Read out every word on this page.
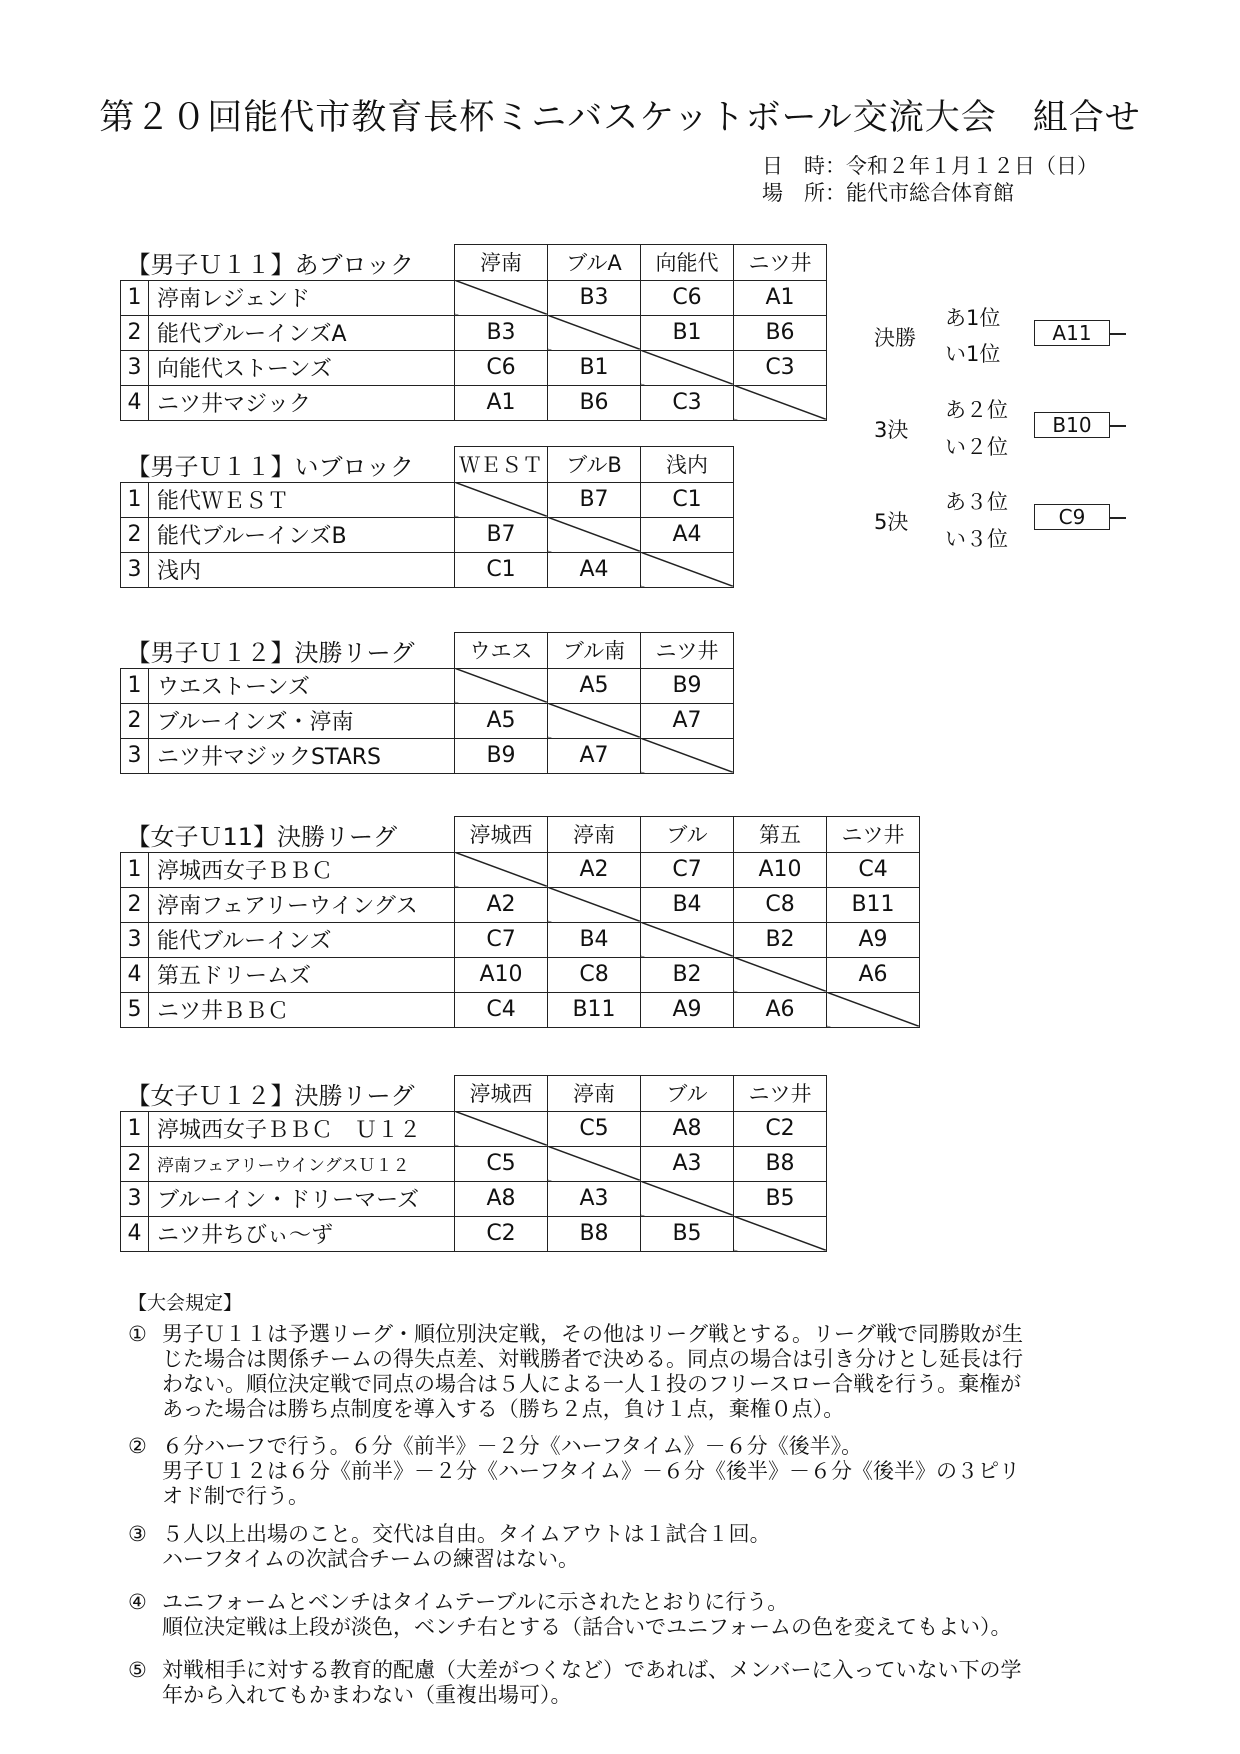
第２０回能代市教育長杯ミニバスケットボール交流大会　組合せ
日　時：令和２年１月１２日（日）
場　所：能代市総合体育館
【男子Ｕ１１】あブロック		渟南	ブルA	向能代	ニツ井
1	渟南レジェンド		B3	C6	A1
2	能代ブルーインズA	B3		B1	B6
3	向能代ストーンズ	C6	B1		C3
4	ニツ井マジック	A1	B6	C3	
【男子Ｕ１１】いブロック		ＷＥＳＴ	ブルB	浅内
1	能代ＷＥＳＴ		B7	C1
2	能代ブルーインズB	B7		A4
3	浅内	C1	A4	
【男子Ｕ１２】決勝リーグ		ウエス	ブル南	ニツ井
1	ウエストーンズ		A5	B9
2	ブルーインズ・渟南	A5		A7
3	ニツ井マジックSTARS	B9	A7	
【女子Ｕ11】決勝リーグ		渟城西	渟南	ブル	第五	ニツ井
1	渟城西女子ＢＢＣ		A2	C7	A10	C4
2	渟南フェアリーウイングス	A2		B4	C8	B11
3	能代ブルーインズ	C7	B4		B2	A9
4	第五ドリームズ	A10	C8	B2		A6
5	ニツ井ＢＢＣ	C4	B11	A9	A6	
【女子Ｕ１２】決勝リーグ		渟城西	渟南	ブル	ニツ井
1	渟城西女子ＢＢＣ　Ｕ１２		C5	A8	C2
2	渟南フェアリーウイングスＵ１２	C5		A3	B8
3	ブルーイン・ドリーマーズ	A8	A3		B5
4	ニツ井ちびぃ～ず	C2	B8	B5	
決勝
あ1位
い1位
A11
3決
あ２位
い２位
B10
5決
あ３位
い３位
C9
【大会規定】
① 男子Ｕ１１は予選リーグ・順位別決定戦，その他はリーグ戦とする。リーグ戦で同勝敗が生
じた場合は関係チームの得失点差、対戦勝者で決める。同点の場合は引き分けとし延長は行
わない。順位決定戦で同点の場合は５人による一人１投のフリースロー合戦を行う。棄権が
あった場合は勝ち点制度を導入する（勝ち２点，負け１点，棄権０点）。
② ６分ハーフで行う。６分《前半》－２分《ハーフタイム》－６分《後半》。
男子Ｕ１２は６分《前半》－２分《ハーフタイム》－６分《後半》－６分《後半》の３ピリ
オド制で行う。
③ ５人以上出場のこと。交代は自由。タイムアウトは１試合１回。
ハーフタイムの次試合チームの練習はない。
④ ユニフォームとベンチはタイムテーブルに示されたとおりに行う。
順位決定戦は上段が淡色，ベンチ右とする（話合いでユニフォームの色を変えてもよい）。
⑤ 対戦相手に対する教育的配慮（大差がつくなど）であれば、メンバーに入っていない下の学
年から入れてもかまわない（重複出場可）。
